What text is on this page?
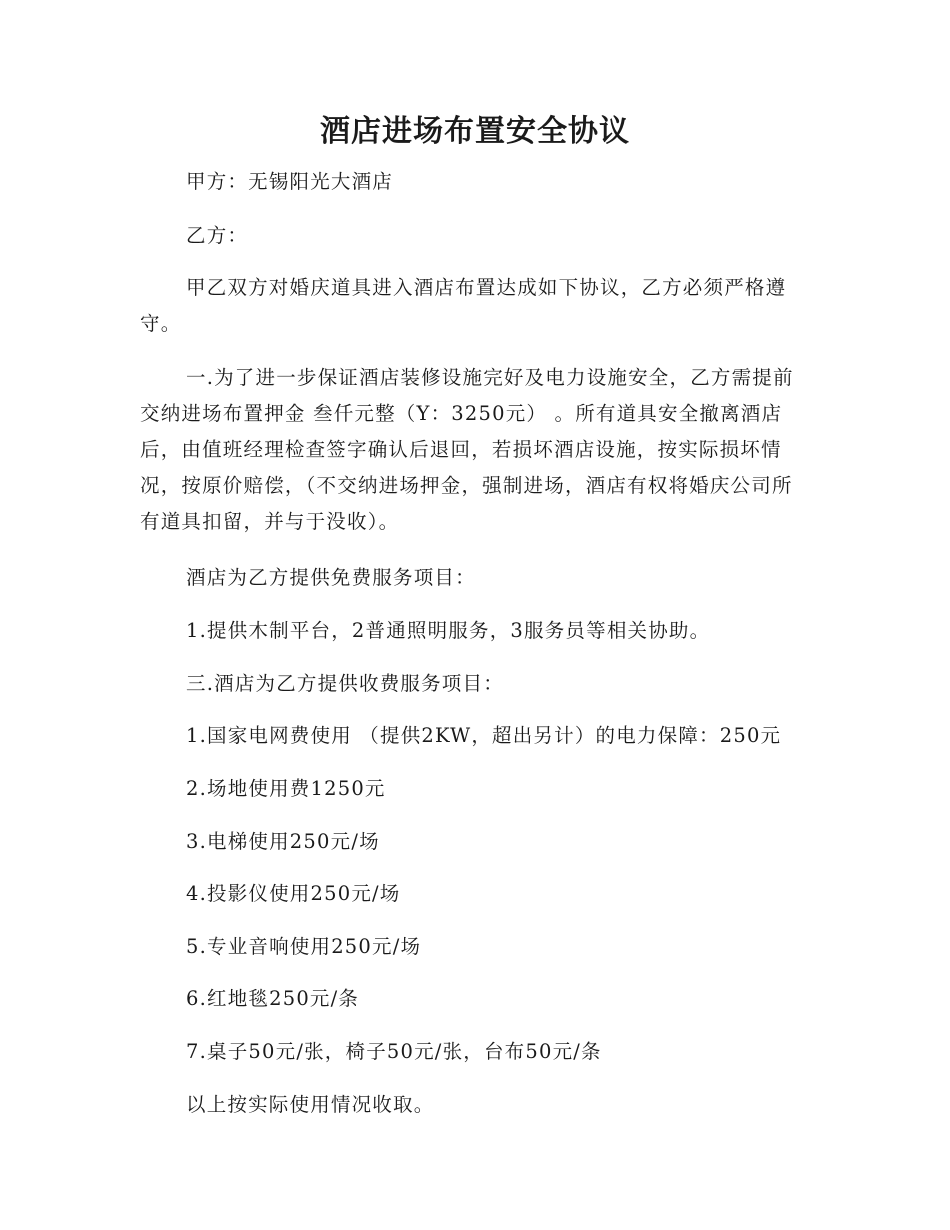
酒店进场布置安全协议

甲方：无锡阳光大酒店

乙方：

甲乙双方对婚庆道具进入酒店布置达成如下协议，乙方必须严格遵守。

一.为了进一步保证酒店装修设施完好及电力设施安全，乙方需提前交纳进场布置押金 叁仟元整（Y：3250元） 。所有道具安全撤离酒店后，由值班经理检查签字确认后退回，若损坏酒店设施，按实际损坏情况，按原价赔偿，（不交纳进场押金，强制进场，酒店有权将婚庆公司所有道具扣留，并与于没收）。

酒店为乙方提供免费服务项目：

1.提供木制平台，2普通照明服务，3服务员等相关协助。

三.酒店为乙方提供收费服务项目：

1.国家电网费使用 （提供2KW，超出另计）的电力保障：250元

2.场地使用费1250元

3.电梯使用250元/场

4.投影仪使用250元/场

5.专业音响使用250元/场

6.红地毯250元/条

7.桌子50元/张，椅子50元/张，台布50元/条

以上按实际使用情况收取。
